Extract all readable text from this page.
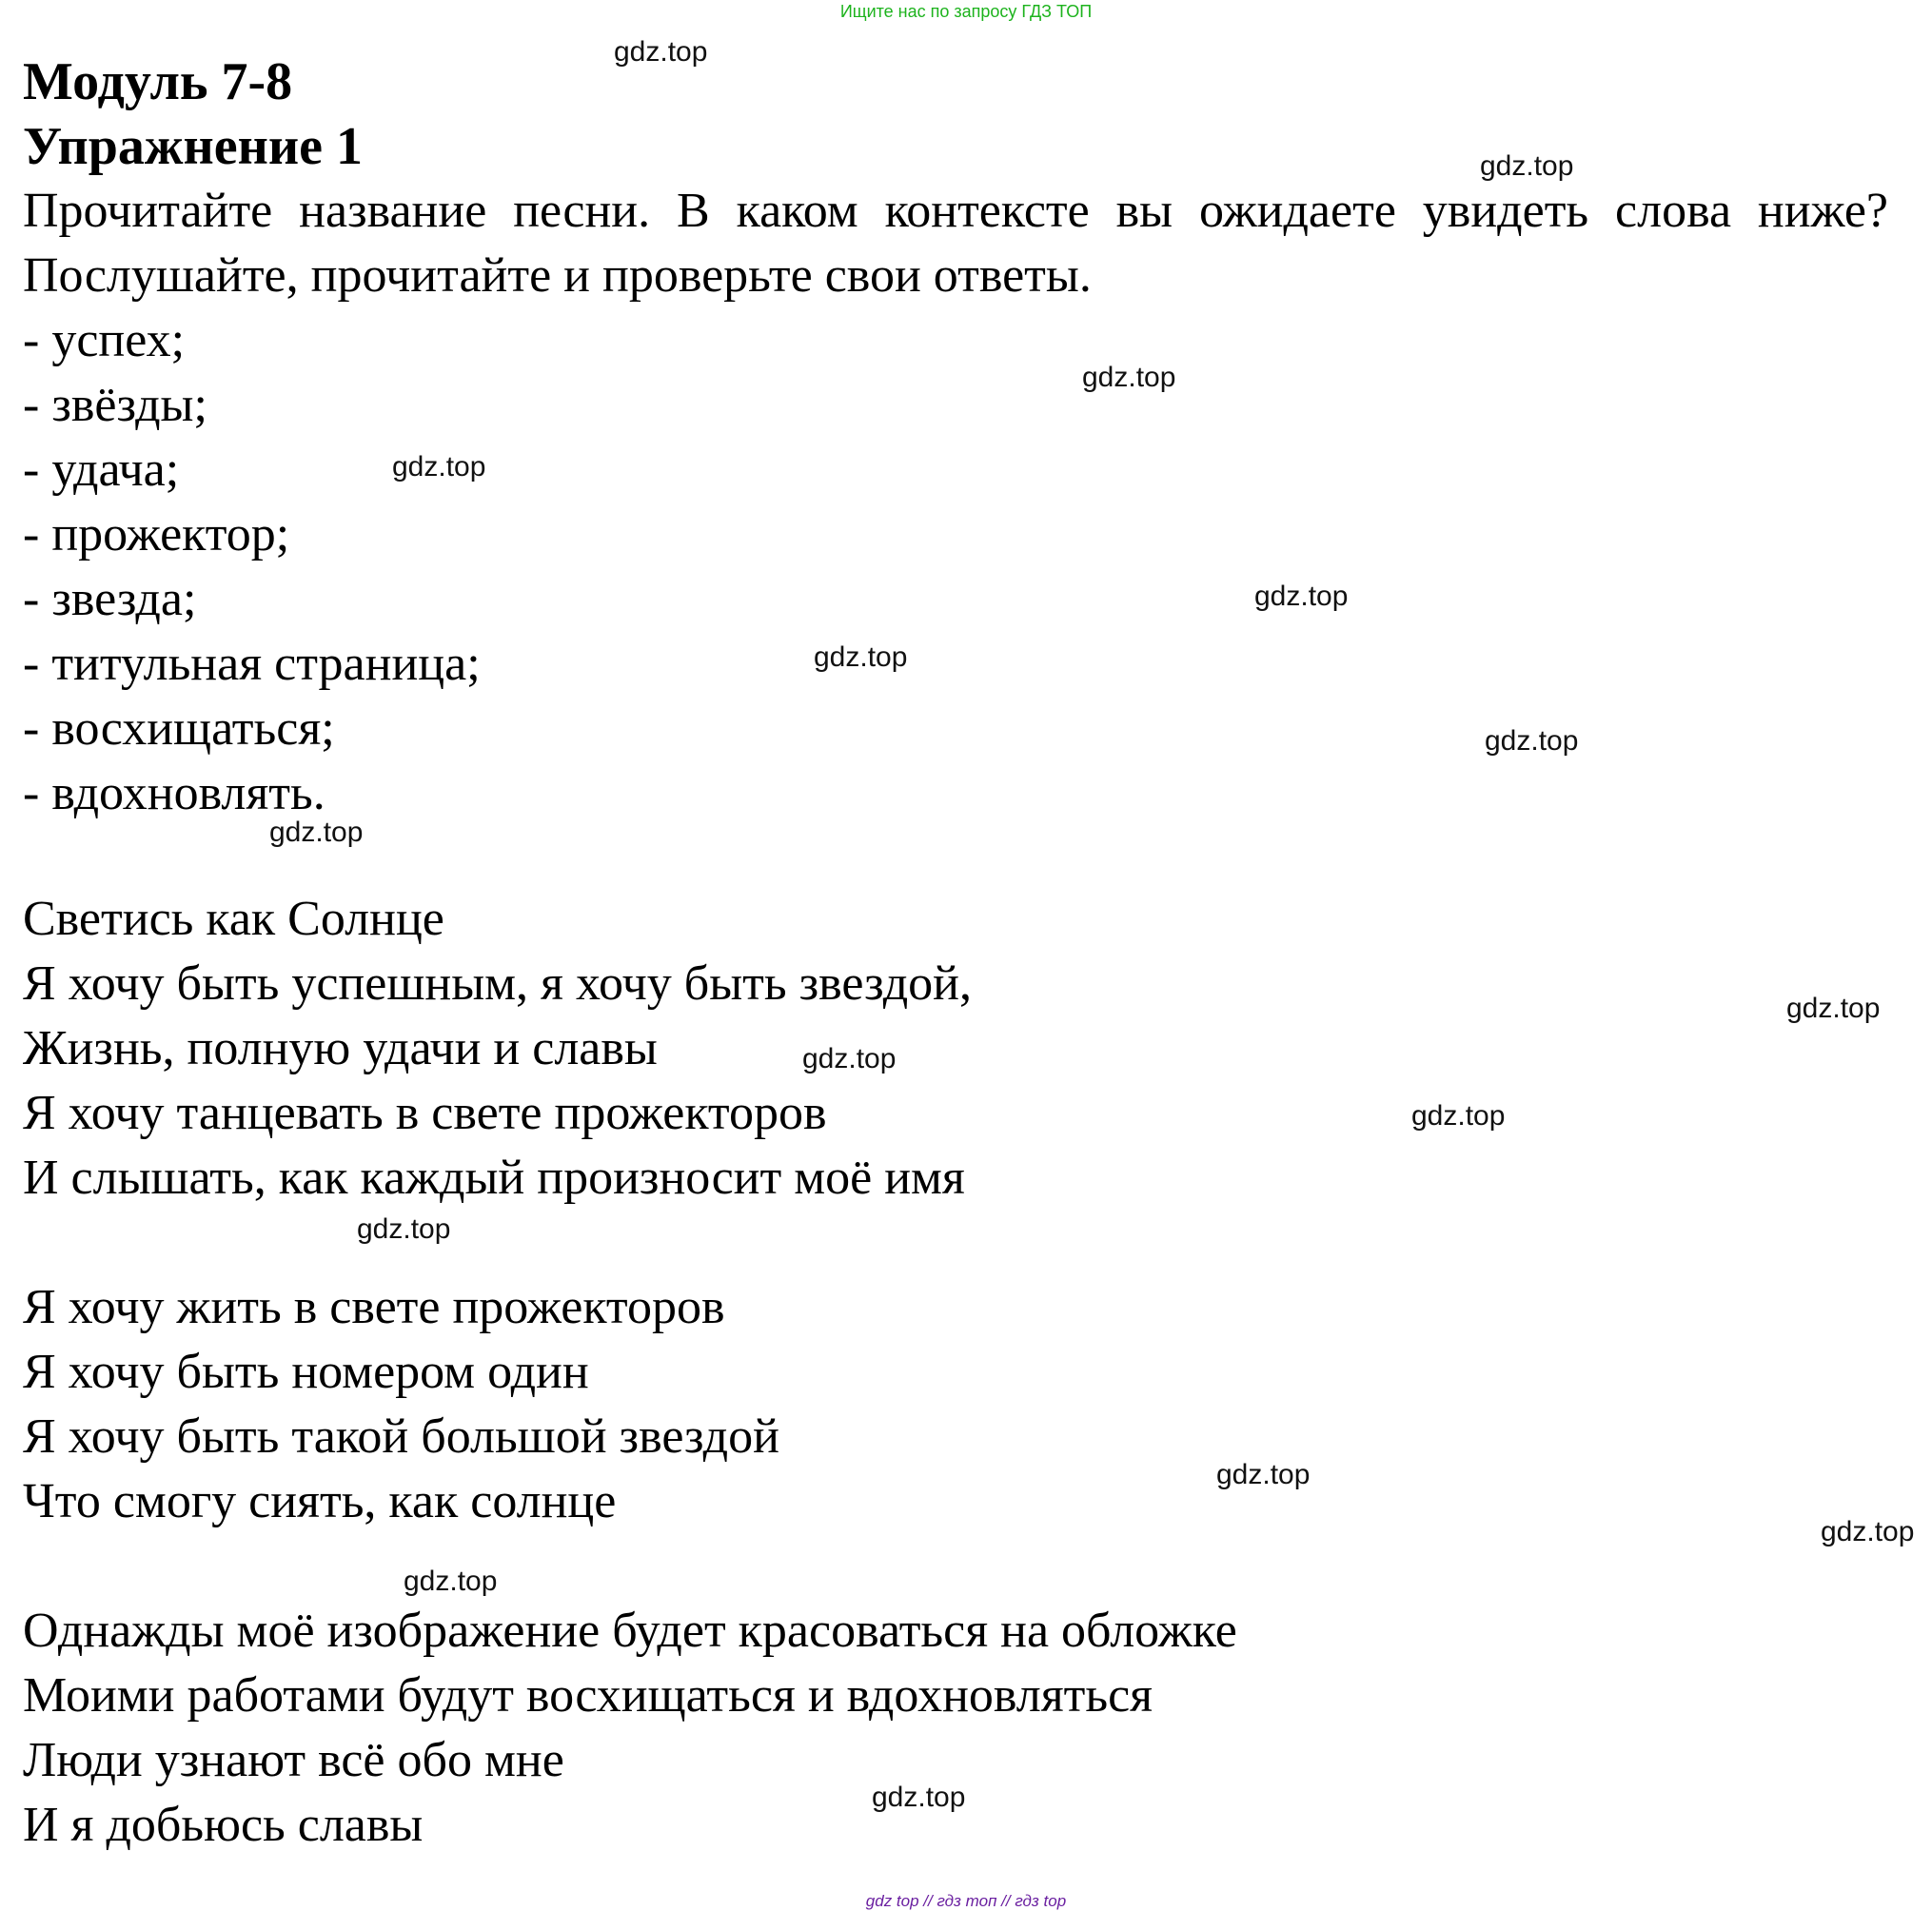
Ищите нас по запросу ГДЗ ТОП
Модуль 7-8
Упражнение 1

Прочитайте название песни. В каком контексте вы ожидаете увидеть слова ниже? Послушайте, прочитайте и проверьте свои ответы.

- успех;
- звёзды;
- удача;
- прожектор;
- звезда;
- титульная страница;
- восхищаться;
- вдохновлять.

Светись как Солнце

Я хочу быть успешным, я хочу быть звездой,

Жизнь, полную удачи и славы

Я хочу танцевать в свете прожекторов

И слышать, как каждый произносит моё имя

Я хочу жить в свете прожекторов

Я хочу быть номером один

Я хочу быть такой большой звездой

Что смогу сиять, как солнце

Однажды моё изображение будет красоваться на обложке

Моими работами будут восхищаться и вдохновляться

Люди узнают всё обо мне

И я добьюсь славы

gdz.top
gdz.top
gdz.top
gdz.top
gdz.top
gdz.top
gdz.top
gdz.top
gdz.top
gdz.top
gdz.top
gdz.top
gdz.top
gdz.top
gdz.top
gdz.top
gdz top // гдз топ // гдз top
